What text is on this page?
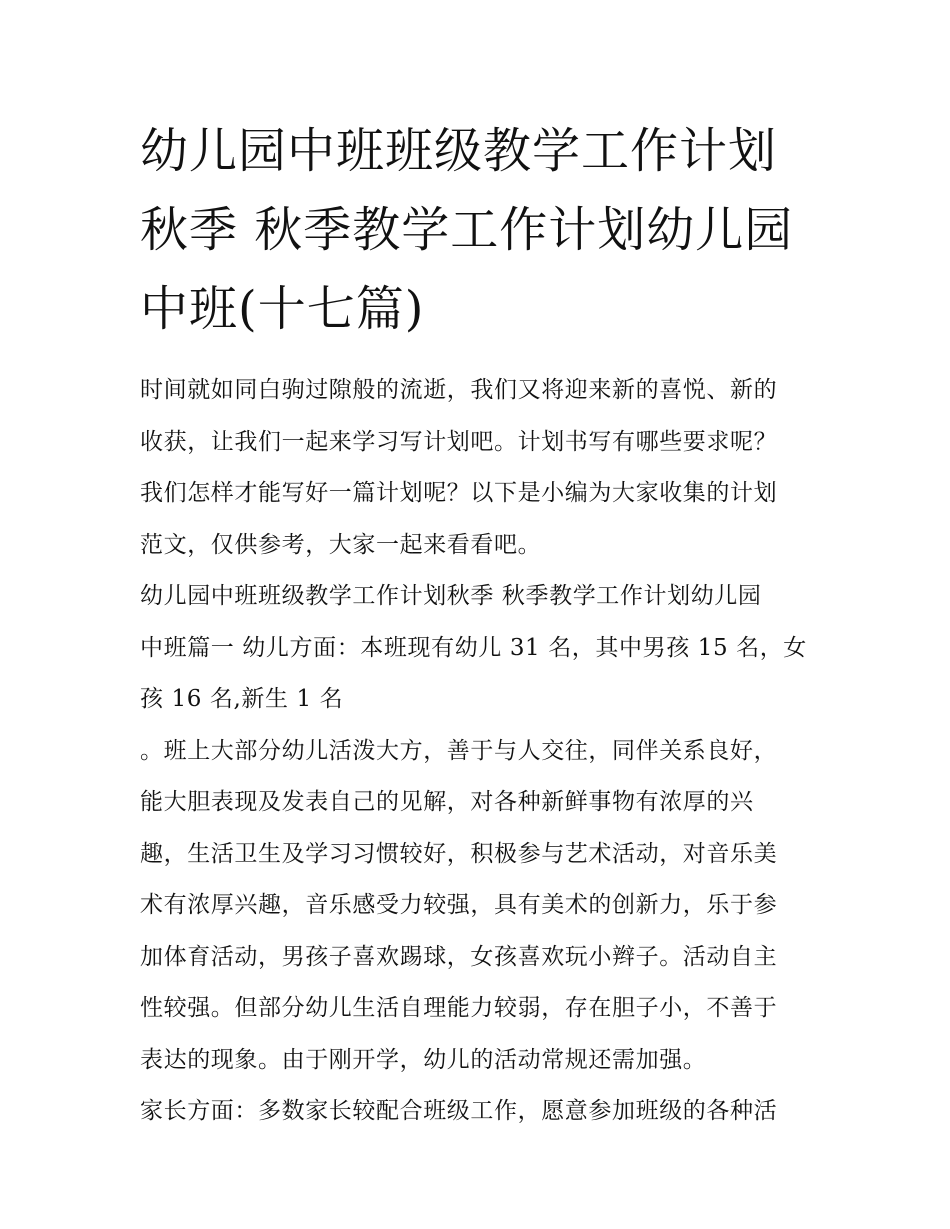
幼儿园中班班级教学工作计划
秋季 秋季教学工作计划幼儿园
中班(十七篇)

时间就如同白驹过隙般的流逝，我们又将迎来新的喜悦、新的
收获，让我们一起来学习写计划吧。计划书写有哪些要求呢？
我们怎样才能写好一篇计划呢？以下是小编为大家收集的计划
范文，仅供参考，大家一起来看看吧。

幼儿园中班班级教学工作计划秋季 秋季教学工作计划幼儿园
中班篇一 幼儿方面：本班现有幼儿 31 名，其中男孩 15 名，女
孩 16 名,新生 1 名

。班上大部分幼儿活泼大方，善于与人交往，同伴关系良好，
能大胆表现及发表自己的见解，对各种新鲜事物有浓厚的兴
趣，生活卫生及学习习惯较好，积极参与艺术活动，对音乐美
术有浓厚兴趣，音乐感受力较强，具有美术的创新力，乐于参
加体育活动，男孩子喜欢踢球，女孩喜欢玩小辫子。活动自主
性较强。但部分幼儿生活自理能力较弱，存在胆子小，不善于
表达的现象。由于刚开学，幼儿的活动常规还需加强。

家长方面：多数家长较配合班级工作，愿意参加班级的各种活
